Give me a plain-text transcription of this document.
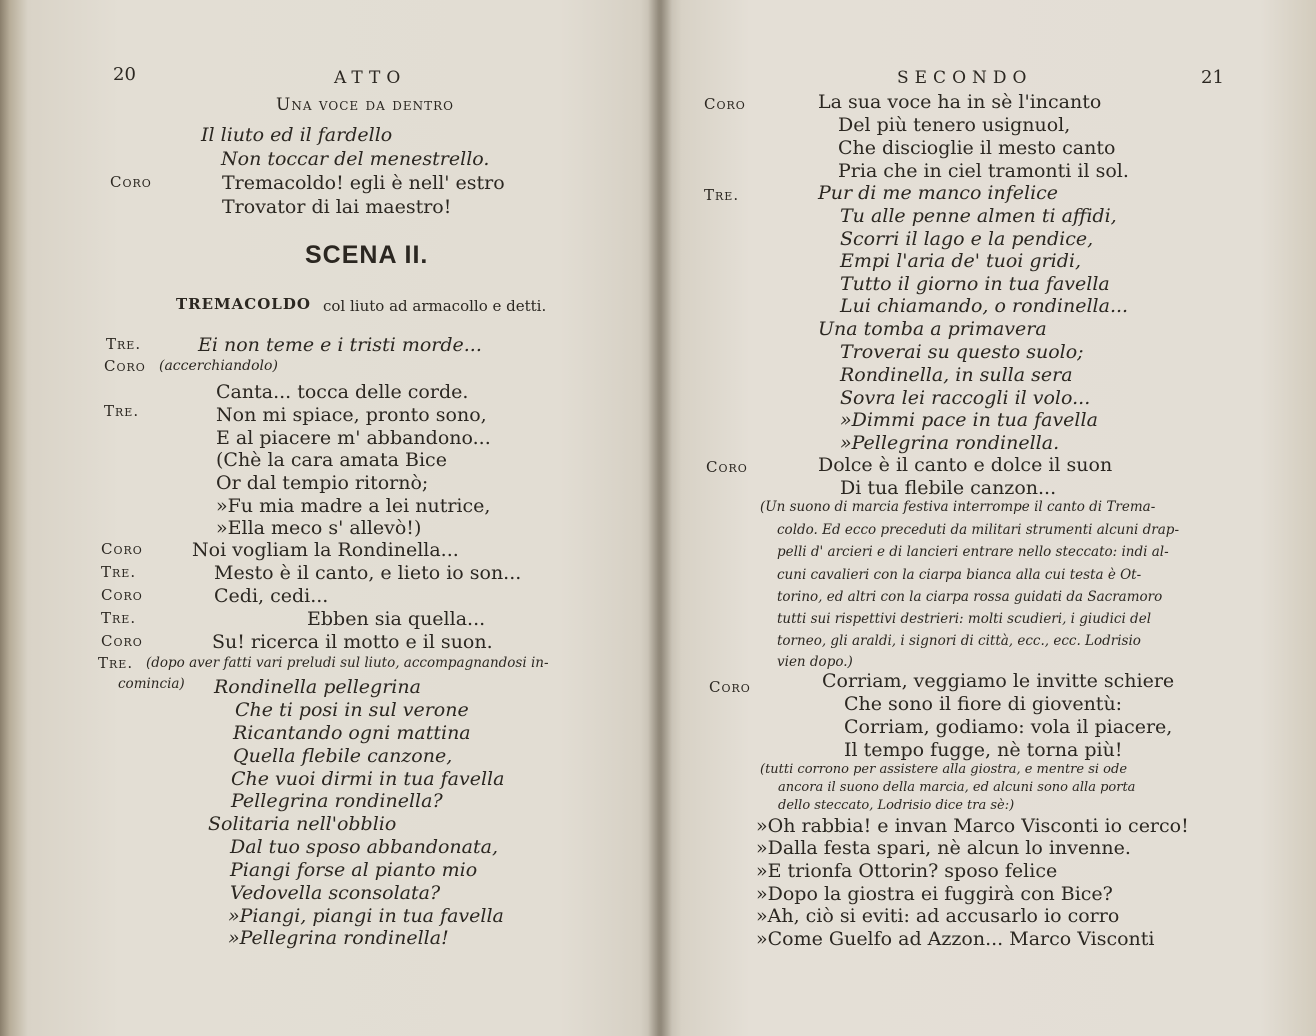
20	ATTO
Una voce da dentro
Il liuto ed il fardello
Non toccar del menestrello.
Coro	Tremacoldo! egli è nell' estro
Trovator di lai maestro!
SCENA II.
TREMACOLDO col liuto ad armacollo e detti.
Tre.	Ei non teme e i tristi morde...
Coro (accerchiandolo)
Canta... tocca delle corde.
Tre.	Non mi spiace, pronto sono,
E al piacere m' abbandono...
(Chè la cara amata Bice
Or dal tempio ritornò;
»Fu mia madre a lei nutrice,
»Ella meco s' allevò!)
Coro	Noi vogliam la Rondinella...
Tre.	Mesto è il canto, e lieto io son...
Coro	Cedi, cedi...
Tre.	Ebben sia quella...
Coro	Su! ricerca il motto e il suon.
Tre. (dopo aver fatti vari preludi sul liuto, accompagnandosi in-
comincia) Rondinella pellegrina
Che ti posi in sul verone
Ricantando ogni mattina
Quella flebile canzone,
Che vuoi dirmi in tua favella
Pellegrina rondinella?
Solitaria nell'obblio
Dal tuo sposo abbandonata,
Piangi forse al pianto mio
Vedovella sconsolata?
»Piangi, piangi in tua favella
»Pellegrina rondinella!
SECONDO	21
Coro	La sua voce ha in sè l'incanto
Del più tenero usignuol,
Che discioglie il mesto canto
Pria che in ciel tramonti il sol.
Tre.	Pur di me manco infelice
Tu alle penne almen ti affidi,
Scorri il lago e la pendice,
Empi l'aria de' tuoi gridi,
Tutto il giorno in tua favella
Lui chiamando, o rondinella...
Una tomba a primavera
Troverai su questo suolo;
Rondinella, in sulla sera
Sovra lei raccogli il volo...
»Dimmi pace in tua favella
»Pellegrina rondinella.
Coro	Dolce è il canto e dolce il suon
Di tua flebile canzon...
(Un suono di marcia festiva interrompe il canto di Trema-
coldo. Ed ecco preceduti da militari strumenti alcuni drap-
pelli d' arcieri e di lancieri entrare nello steccato: indi al-
cuni cavalieri con la ciarpa bianca alla cui testa è Ot-
torino, ed altri con la ciarpa rossa guidati da Sacramoro
tutti sui rispettivi destrieri: molti scudieri, i giudici del
torneo, gli araldi, i signori di città, ecc., ecc. Lodrisio
vien dopo.)
Coro	Corriam, veggiamo le invitte schiere
Che sono il fiore di gioventù:
Corriam, godiamo: vola il piacere,
Il tempo fugge, nè torna più!
(tutti corrono per assistere alla giostra, e mentre si ode
ancora il suono della marcia, ed alcuni sono alla porta
dello steccato, Lodrisio dice tra sè:)
»Oh rabbia! e invan Marco Visconti io cerco!
»Dalla festa spari, nè alcun lo invenne.
»E trionfa Ottorin? sposo felice
»Dopo la giostra ei fuggirà con Bice?
»Ah, ciò si eviti: ad accusarlo io corro
»Come Guelfo ad Azzon... Marco Visconti
